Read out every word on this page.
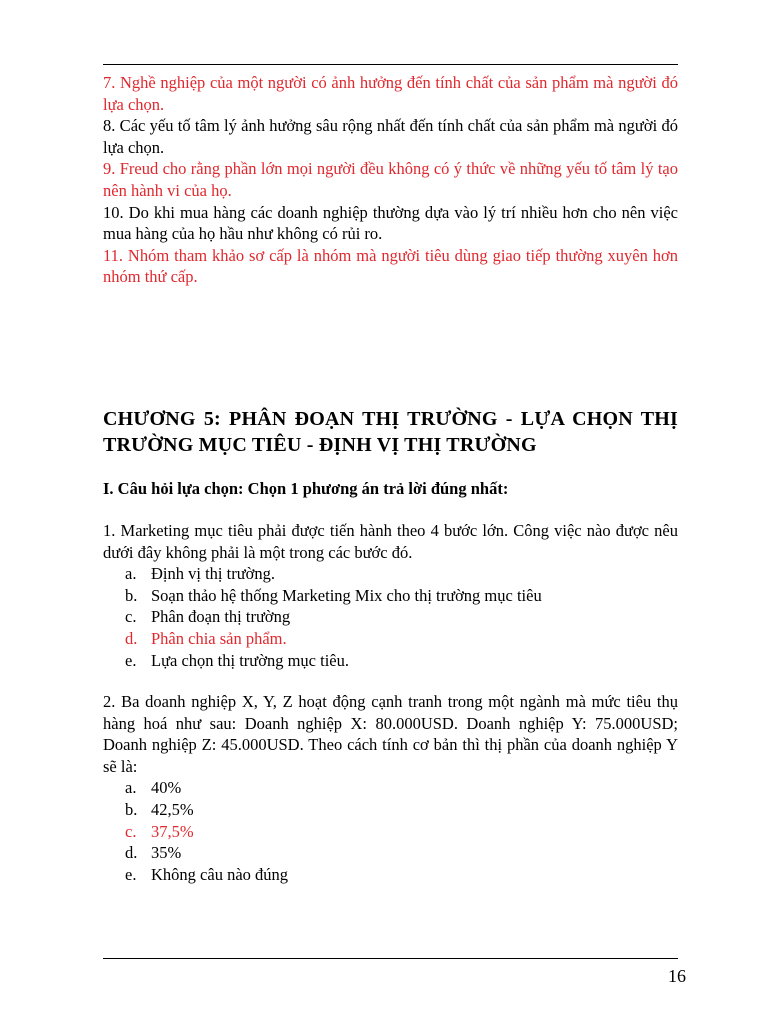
7. Nghề nghiệp của một người có ảnh hưởng đến tính chất của sản phẩm mà người đó lựa chọn.

8. Các yếu tố tâm lý ảnh hưởng sâu rộng nhất đến tính chất của sản phẩm mà người đó lựa chọn.

9. Freud cho rằng phần lớn mọi người đều không có ý thức về những yếu tố tâm lý tạo nên hành vi của họ.

10. Do khi mua hàng các doanh nghiệp thường dựa vào lý trí nhiều hơn cho nên việc mua hàng của họ hầu như không có rủi ro.

11. Nhóm tham khảo sơ cấp là nhóm mà người tiêu dùng giao tiếp thường xuyên hơn nhóm thứ cấp.

CHƯƠNG 5: PHÂN ĐOẠN THỊ TRƯỜNG - LỰA CHỌN THỊ TRƯỜNG MỤC TIÊU - ĐỊNH VỊ THỊ TRƯỜNG
I. Câu hỏi lựa chọn: Chọn 1 phương án trả lời đúng nhất:

1. Marketing mục tiêu phải được tiến hành theo 4 bước lớn. Công việc nào được nêu dưới đây không phải là một trong các bước đó.

a. Định vị thị trường.
b. Soạn thảo hệ thống Marketing Mix cho thị trường mục tiêu
c. Phân đoạn thị trường
d. Phân chia sản phẩm.
e. Lựa chọn thị trường mục tiêu.

2. Ba doanh nghiệp X, Y, Z hoạt động cạnh tranh trong một ngành mà mức tiêu thụ hàng hoá như sau: Doanh nghiệp X: 80.000USD. Doanh nghiệp Y: 75.000USD; Doanh nghiệp Z: 45.000USD. Theo cách tính cơ bản thì thị phần của doanh nghiệp Y sẽ là:

a. 40%
b. 42,5%
c. 37,5%
d. 35%
e. Không câu nào đúng
16
